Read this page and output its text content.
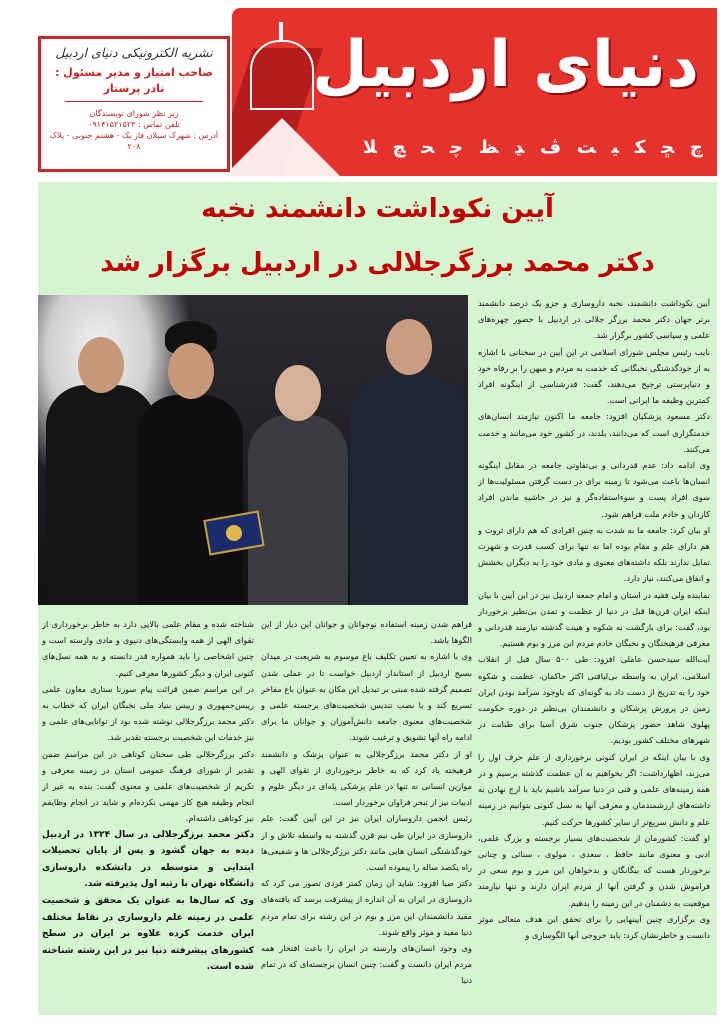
دنیای اردبیل
ﻼ ﭻ ﺤ ﭼ ﻆ ﮃ ﭪ ﺖ ﯿ ﻜ ﮁ ﭺ
نشریه الکترونیکی دنیای اردبیل
صاحب امتیاز و مدیر مسئول :
نادر پرستار
زیر نظر شورای نویسندگان
تلفن تماس : ۰۹۱۴۱۵۲۱۵۲۳
آدرس : شهرک سبلان فاز یک - هشتم جنوبی - پلاک ۲۰۸
آیین نکوداشت دانشمند نخبه
دکتر محمد برزگرجلالی در اردبیل برگزار شد

آیین نکوداشت دانشمند، نخبه داروسازی و جزو یک درصد دانشمند برتر جهان دکتر محمد برزگر جلالی در اردبیل با حضور چهره‌های علمی و سیاسی کشور برگزار شد.

نایب رئیس مجلس شورای اسلامی در این آیین در سخنانی با اشاره به از خودگذشتگی نخبگانی که خدمت به مردم و میهن را بر رفاه خود و دنیاپرستی ترجیح می‌دهند، گفت: قدرشناسی از اینگونه افراد کمترین وظیفه ما ایرانی است.

دکتر مسعود پزشکیان افزود: جامعه ما اکنون نیازمند انسان‌های خدمتگزاری است که می‌دانند، بلدند، در کشور خود می‌مانند و خدمت می‌کنند.

وی ادامه داد: عدم قدردانی و بی‌تفاوتی جامعه در مقابل اینگونه انسان‌ها باعث می‌شود تا زمینه برای در دست گرفتن مسئولیت‌ها از سوی افراد پست و سوءاستفاده‌گر و نیز در حاشیه ماندن افراد کاردان و خادم ملت فراهم شود.

او بیان کرد: جامعه ما به شدت به چنین افرادی که هم دارای ثروت و هم دارای علم و مقام بوده اما نه تنها برای کسب قدرت و شهرت تمایل ندارند بلکه داشته‌های معنوی و مادی خود را به دیگران بخشش و انفاق می‌کنند، نیاز دارد.

نماینده ولی فقیه در استان و امام جمعه اردبیل نیز در این آیین با بیان اینکه ایران قرن‌ها قبل در دنیا از عظمت و تمدن بی‌نظیر برخوردار بود، گفت: برای بازگشت به شکوه و هیبت گذشته نیازمند قدردانی و معرفی فرهیختگان و نخبگان خادم مردم این مرز و بوم هستیم.

آیت‌الله سیدحسن عاملی افزود: طی ۵۰۰ سال قبل از انقلاب اسلامی، ایران به واسطه بی‌لیاقتی اکثر حاکمان، عظمت و شکوه خود را به تدریج از دست داد به گونه‌ای که باوجود سرآمد بودن ایران زمین در پرورش پزشکان و دانشمندان بی‌نظیر در دوره حکومت پهلوی شاهد حضور پزشکان جنوب شرق آسیا برای طبابت در شهرهای مختلف کشور بودیم.

وی با بیان اینکه در ایران کنونی برخورداری از علم حرف اول را می‌زند، اظهارداشت: اگر بخواهیم به آن عظمت گذشته برسیم و در همه زمینه‌های علمی و فنی در دنیا سرآمد باشیم باید با ارج نهادن به داشته‌های ارزشمندمان و معرفی آنها به نسل کنونی بتوانیم در زمینه علم و دانش سریع‌تر از سایر کشورها حرکت کنیم.

او گفت: کشورمان از شخصیت‌های بسیار برجسته و بزرگ علمی، ادبی و معنوی مانند حافظ ، سعدی ، مولوی ، سنائی و چنانی برخوردار هست که بیگانگان و بدخواهان این مرز و بوم سعی در فراموش شدن و گرفتن آنها از مردم ایران دارند و تنها نیازمند موقعیت به دشمنان در این زمینه را بدهیم.

وی برگزاری چنین آیینهایی را برای تحقق این هدف متعالی موثر دانست و خاطرنشان کرد: باید خروجی آنها الگوسازی و

فراهم شدن زمینه استفاده نوجوانان و جوانان این دیار از این الگوها باشد.

وی با اشاره به تعیین تکلیف باغ موسوم به شریعت در میدان بسیج اردبیل از استاندار اردبیل خواست تا در عملی شدن تصمیم گرفته شده مبنی بر تبدیل این مکان به عنوان باغ مفاخر تسریع کند و با نصب تندیس شخصیت‌های برجسته علمی و شخصیت‌های معنوی جامعه دانش‌آموزان و جوانان ما برای ادامه راه آنها تشویق و ترغیب شوند.

او از دکتر محمد برزگرجلالی به عنوان پزشک و دانشمند فرهیخته یاد کرد که به خاطر برخورداری از تقوای الهی و موازین انسانی نه تنها در علم پزشکی پله‌ای در دیگر علوم و ادبیات نیز از تبحر فراوان برخوردار است.

رئیس انجمن داروسازان ایران نیز در این آیین گفت: علم داروسازی در ایران طی نیم قرن گذشته به واسطه تلاش و از خودگذشتگی انسان هایی مانند دکتر برزگرجلالی ها و شفیعی‌ها راه یکصد ساله را پیموده است.

دکتر ضیا افزود: شاید آن زمان کمتر فردی تصور می کرد که داروسازی در ایران به آن اندازه از پیشرفت برسد که یافته‌های مفید دانشمندان این مرز و بوم در این رشته برای تمام مردم دنیا مفید و موثر واقع شوند.

وی وجود انسان‌های وارسته در ایران را باعث افتخار همه مردم ایران دانست و گفت: چنین انسان برجسته‌ای که در تمام دنیا

شناخته شده و مقام علمی بالایی دارد به خاطر برخورداری از تقوای الهی از همه وابستگی‌های دنیوی و مادی وارسته است و چنین اشخاصی را باید همواره قدر دانسته و به همه نسل‌های کنونی ایران و دیگر کشورها معرفی کنیم.

در این مراسم ضمن قرائت پیام سورنا ستاری معاون علمی رییس‌جمهوری و رییس بنیاد ملی نخبگان ایران که خطاب به دکتر محمد برزگرجلالی نوشته شده بود از توانایی‌های علمی و نیز خدمات این شخصیت برجسته تقدیر شد.

دکتر برزگرجلالی طی سخنان کوتاهی در این مراسم ضمن تقدیر از شورای فرهنگ عمومی استان در زمینه معرفی و تکریم از شخصیت‌های علمی و معنوی گفت: بنده به غیر از انجام وظیفه هیچ کار مهمی نکرده‌ام و شاید در انجام وظایفم نیز کوتاهی داشته‌ام.

دکتر محمد برزگرجلالی در سال ۱۳۲۴ در اردبیل دیده به جهان گشود و پس از پایان تحصیلات ابتدایی و متوسطه در دانشکده داروسازی دانشگاه تهران با رتبه اول پذیرفته شد.

وی که سال‌ها به عنوان یک محقق و شخصیت علمی در زمینه علم داروسازی در نقاط مختلف ایران خدمت کرده علاوه بر ایران در سطح کشورهای پیشرفته دنیا نیز در این رشته شناخته شده است.
